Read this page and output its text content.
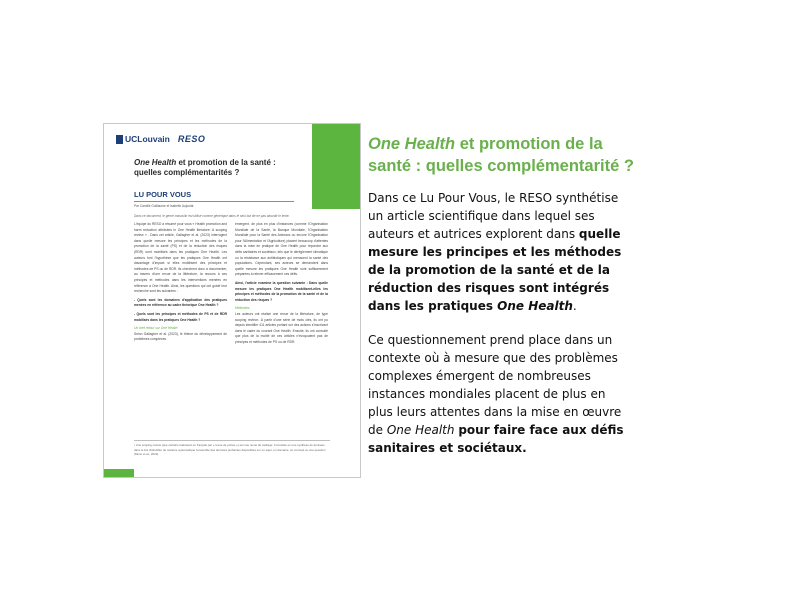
UCLouvain RESO
One Health et promotion de la santé : quelles complémentarités ?
LU POUR VOUS
Par Camille Guillaume et Isabelle Aujoulat
Dans ce document, le genre masculin est utilisé comme générique dans le seul but de ne pas alourdir le texte.
L'équipe du RESO a résumé pour vous « Health promotion and harm reduction attributes in One Health literature: A scoping review » . Dans cet article, Gallagher et al. (2023) interrogent dans quelle mesure les principes et les méthodes de la promotion de la santé (PS) et de la réduction des risques (RDR) sont mobilisés dans les pratiques One Health. Les auteurs font l'hypothèse que les pratiques One Health ont davantage d'impact si elles mobilisent des principes et méthodes de PS ou de RDR. Ils cherchent donc à documenter, au travers d'une revue de la littérature, la recours à ces principes et méthodes dans les interventions menées en référence à One Health. Ainsi, les questions qui ont guidé leur recherche sont les suivantes :
- Quels sont les domaines d'application des pratiques menées en référence au cadre théorique One Health ?
- Quels sont les principes et méthodes de PS et de RDR mobilisés dans les pratiques One Health ?
Un bref retour sur One Health
Selon Gallagher et al. (2023), le thème du développement de problèmes complexes
émergent, de plus en plus d'instances (comme l'Organisation Mondiale de la Santé, la Banque Mondiale, l'Organisation Mondiale pour la Santé des Animaux ou encore l'Organisation pour l'Alimentation et l'Agriculture) placent beaucoup d'attentes dans la mise en pratique de One Health pour répondre aux défis sanitaires et sociétaux, tels que le dérèglement climatique ou la résistance aux antibiotiques qui menacent la santé des populations. Cependant, ses acteurs se demandent dans quelle mesure les pratiques One Health sont suffisamment préparées à relever efficacement ces défis.
Ainsi, l'article examine la question suivante : Dans quelle mesure les pratiques One Health mobilisent-elles les principes et méthodes de la promotion de la santé et de la réduction des risques ?
Méthodes
Les auteurs ont réalisé une revue de la littérature, de type scoping review¹. À partir d'une série de mots clés, ils ont pu depuis identifier 411 articles portant sur des actions s'inscrivant dans le cadre du courant One Health. Ensuite, ils ont consulté que plus de la moitié de ces articles n'évoquaient pas de principes et méthodes de PS ou de RDR.
¹ Une scoping review (que certains traduisent en français par « revue de portée ») est une revue de cadrage. Il consiste en une synthèse de données dans le but d'identifier de manière systématique l'ensemble des données probantes disponibles sur un sujet, un domaine, un concept ou une question (Munn et al., 2022).
One Health et promotion de la santé : quelles complémentarité ?

Dans ce Lu Pour Vous, le RESO synthétise un article scientifique dans lequel ses auteurs et autrices explorent dans quelle mesure les principes et les méthodes de la promotion de la santé et de la réduction des risques sont intégrés dans les pratiques One Health.

Ce questionnement prend place dans un contexte où à mesure que des problèmes complexes émergent de nombreuses instances mondiales placent de plus en plus leurs attentes dans la mise en œuvre de One Health pour faire face aux défis sanitaires et sociétaux.
